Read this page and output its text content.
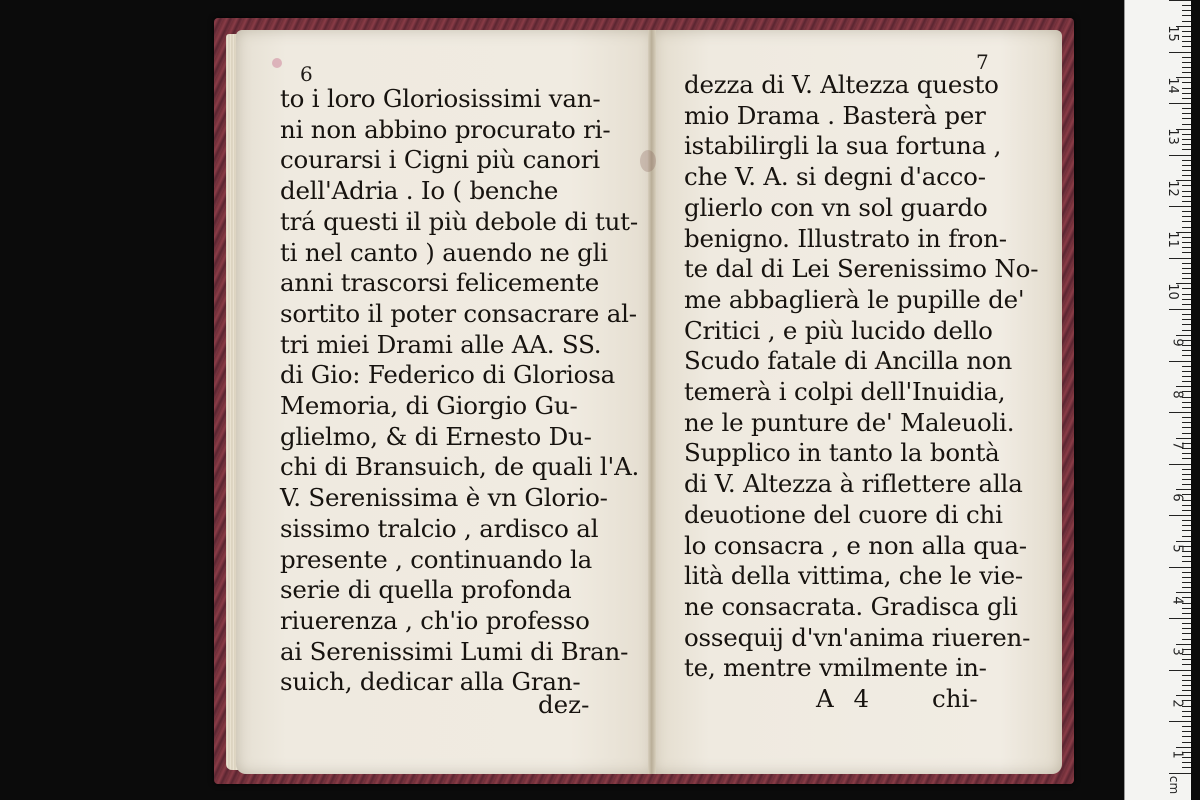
6	7
to i loro Gloriosissimi van-
ni non abbino procurato ri-
courarsi i Cigni più canori
dell'Adria . Io ( benche
trá questi il più debole di tut-
ti nel canto ) auendo ne gli
anni trascorsi felicemente
sortito il poter consacrare al-
tri miei Drami alle AA. SS.
di Gio: Federico di Gloriosa
Memoria, di Giorgio Gu-
glielmo, & di Ernesto Du-
chi di Bransuich, de quali l'A.
V. Serenissima è vn Glorio-
sissimo tralcio , ardisco al
presente , continuando la
serie di quella profonda
riuerenza , ch'io professo
ai Serenissimi Lumi di Bran-
suich, dedicar alla Gran-
dezza di V. Altezza questo
mio Drama . Basterà per
istabilirgli la sua fortuna ,
che V. A. si degni d'acco-
glierlo con vn sol guardo
benigno. Illustrato in fron-
te dal di Lei Serenissimo No-
me abbaglierà le pupille de'
Critici , e più lucido dello
Scudo fatale di Ancilla non
temerà i colpi dell'Inuidia,
ne le punture de' Maleuoli.
Supplico in tanto la bontà
di V. Altezza à riflettere alla
deuotione del cuore di chi
lo consacra , e non alla qua-
lità della vittima, che le vie-
ne consacrata. Gradisca gli
ossequij d'vn'anima riueren-
te, mentre vmilmente in-
dez-	A 4 chi-
cm
15
14
13
12
11
10
9
8
7
6
5
4
3
2
1
